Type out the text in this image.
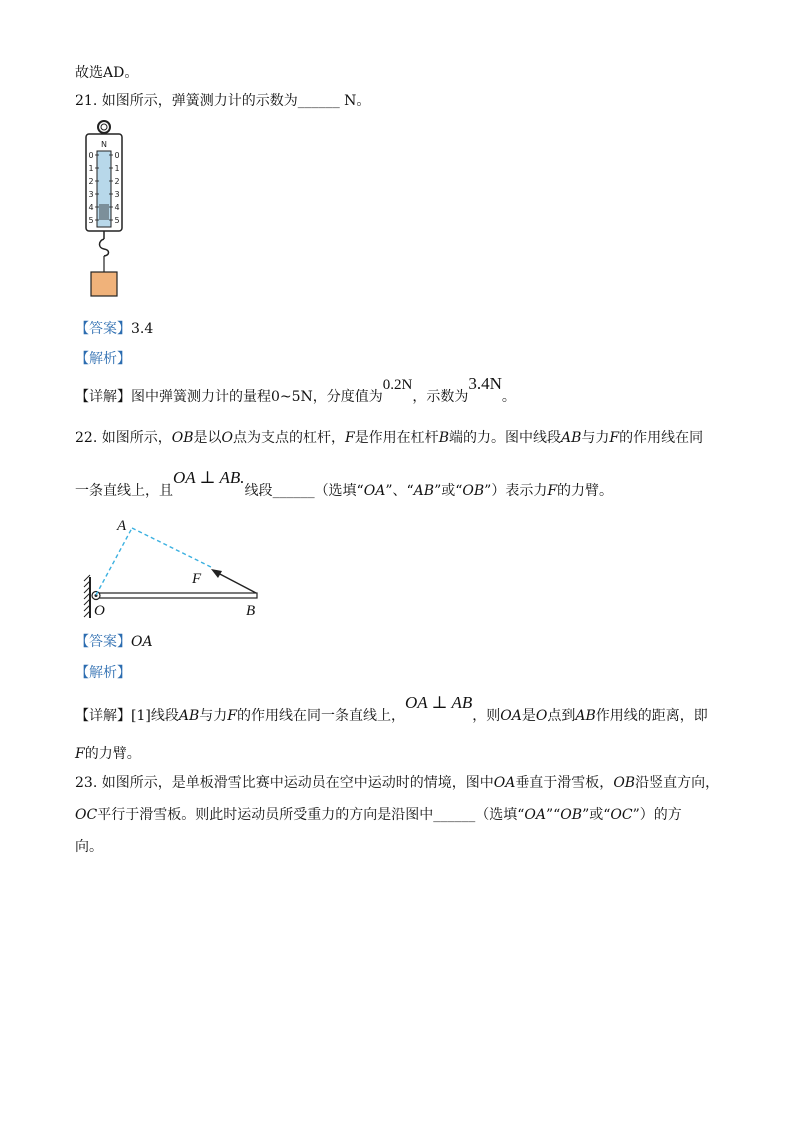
故选AD。
21. 如图所示，弹簧测力计的示数为______ N。
N
0
1
2
3
4
5
0
1
2
3
4
5
【答案】3.4
【解析】
【详解】图中弹簧测力计的量程0~5N，分度值为0.2N，示数为3.4N。
22. 如图所示，OB是以O点为支点的杠杆，F是作用在杠杆B端的力。图中线段AB与力F的作用线在同
一条直线上，且OA ⊥ AB.线段______（选填“OA”、“AB”或“OB”）表示力F的力臂。
A
F
O	B
【答案】OA
【解析】
【详解】[1]线段AB与力F的作用线在同一条直线上，OA ⊥ AB，则OA是O点到AB作用线的距离，即
F的力臂。
23. 如图所示，是单板滑雪比赛中运动员在空中运动时的情境，图中OA垂直于滑雪板，OB沿竖直方向，
OC平行于滑雪板。则此时运动员所受重力的方向是沿图中______（选填“OA”“OB”或“OC”）的方
向。
